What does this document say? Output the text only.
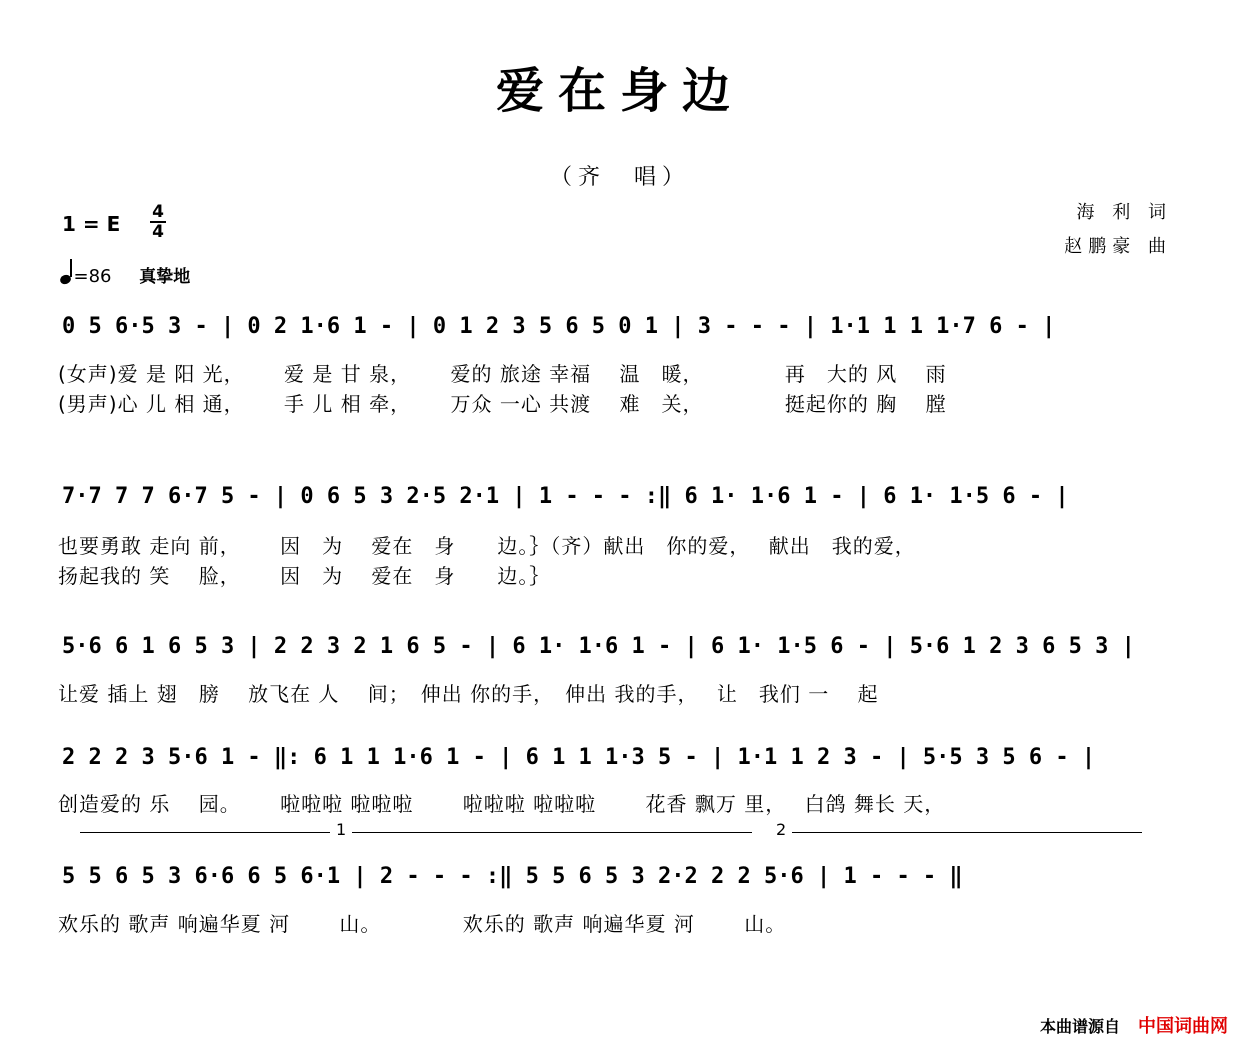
爱在身边
（齐　唱）
海 利 词
赵鹏豪 曲
1 = E 4
4
=86 真挚地
0 5 6·5 3 - | 0 2 1·6 1 - | 0 1 2 3 5 6 5 0 1 | 3 - - - | 1·1 1 1 1·7 6 - |
(女声)爱 是 阳 光，　　 爱 是 甘 泉，　　 爱的 旅途 幸福　 温　暖，　　　　 再　大的 风　 雨
(男声)心 儿 相 通，　　 手 儿 相 牵，　　 万众 一心 共渡　 难　关，　　　　 挺起你的 胸　 膛
7·7 7 7 6·7 5 - | 0 6 5 3 2·5 2·1 | 1 - - - :‖ 6 1· 1·6 1 - | 6 1· 1·5 6 - |
也要勇敢 走向 前，　　 因　为　 爱在　身　　边。｝（齐）献出　你的爱，　 献出　我的爱，
扬起我的 笑　 脸，　　 因　为　 爱在　身　　边。｝
5·6 6 1 6 5 3 | 2 2 3 2 1 6 5 - | 6 1· 1·6 1 - | 6 1· 1·5 6 - | 5·6 1 2 3 6 5 3 |
让爱 插上 翅　膀　 放飞在 人　 间；　伸出 你的手，　伸出 我的手，　 让　我们 一　 起
2 2 2 3 5·6 1 - ‖: 6 1 1 1·6 1 - | 6 1 1 1·3 5 - | 1·1 1 2 3 - | 5·5 3 5 6 - |
创造爱的 乐　 园。　　 啦啦啦 啦啦啦　　 啦啦啦 啦啦啦　　 花香 飘万 里，　 白鸽 舞长 天，
1	2
5 5 6 5 3 6·6 6 5 6·1 | 2 - - - :‖ 5 5 6 5 3 2·2 2 2 5·6 | 1 - - - ‖
欢乐的 歌声 响遍华夏 河　　 山。　　　　 欢乐的 歌声 响遍华夏 河　　 山。
本曲谱源自 中国词曲网
